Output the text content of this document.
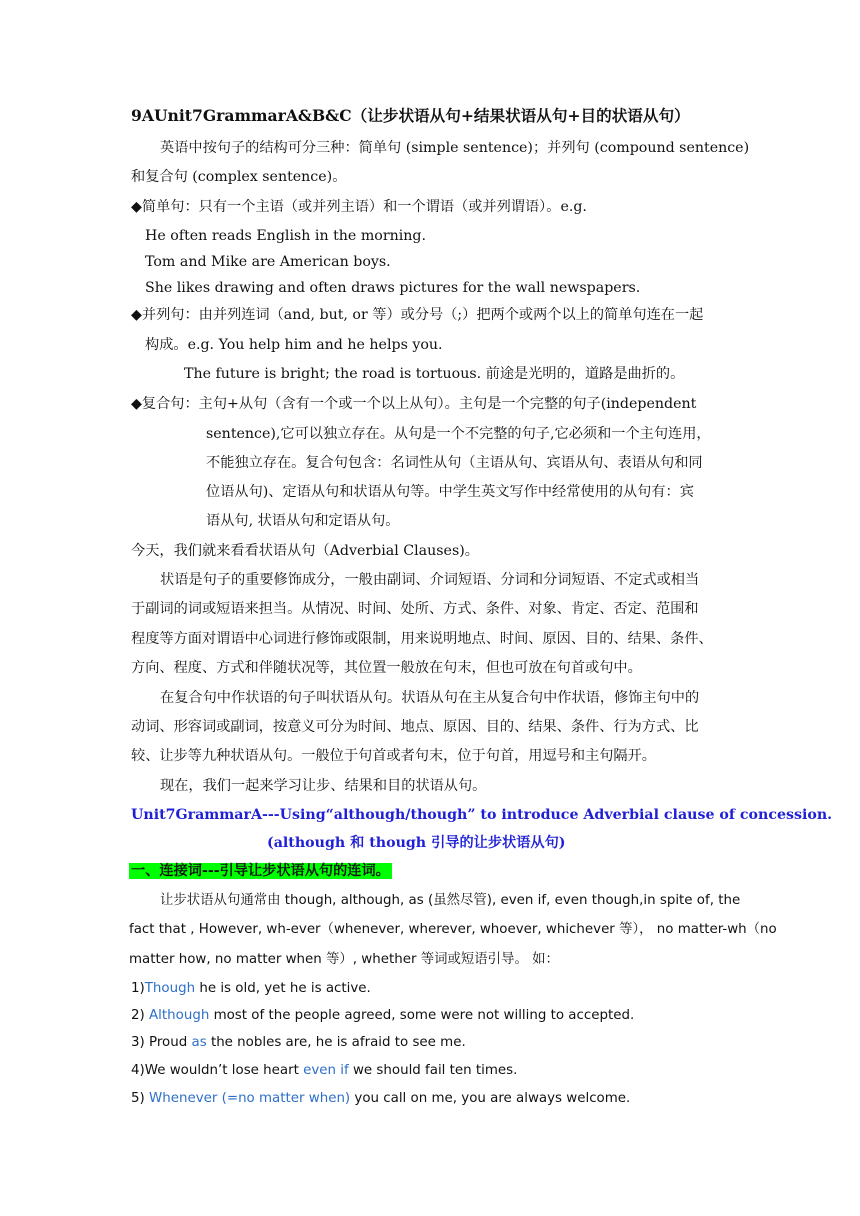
9AUnit7GrammarA&B&C（让步状语从句+结果状语从句+目的状语从句）
英语中按句子的结构可分三种：简单句 (simple sentence)；并列句 (compound sentence)
和复合句 (complex sentence)。
◆简单句：只有一个主语（或并列主语）和一个谓语（或并列谓语）。e.g.
He often reads English in the morning.
Tom and Mike are American boys.
She likes drawing and often draws pictures for the wall newspapers.
◆并列句：由并列连词（and, but, or 等）或分号（;）把两个或两个以上的简单句连在一起
构成。e.g. You help him and he helps you.
The future is bright; the road is tortuous. 前途是光明的，道路是曲折的。
◆复合句：主句+从句（含有一个或一个以上从句）。主句是一个完整的句子(independent
sentence),它可以独立存在。从句是一个不完整的句子,它必须和一个主句连用，
不能独立存在。复合句包含：名词性从句（主语从句、宾语从句、表语从句和同
位语从句)、定语从句和状语从句等。中学生英文写作中经常使用的从句有：宾
语从句, 状语从句和定语从句。
今天，我们就来看看状语从句（Adverbial Clauses)。
状语是句子的重要修饰成分，一般由副词、介词短语、分词和分词短语、不定式或相当
于副词的词或短语来担当。从情况、时间、处所、方式、条件、对象、肯定、否定、范围和
程度等方面对谓语中心词进行修饰或限制，用来说明地点、时间、原因、目的、结果、条件、
方向、程度、方式和伴随状况等，其位置一般放在句末，但也可放在句首或句中。
在复合句中作状语的句子叫状语从句。状语从句在主从复合句中作状语，修饰主句中的
动词、形容词或副词，按意义可分为时间、地点、原因、目的、结果、条件、行为方式、比
较、让步等九种状语从句。一般位于句首或者句末，位于句首，用逗号和主句隔开。
现在，我们一起来学习让步、结果和目的状语从句。
Unit7GrammarA---Using“although/though” to introduce Adverbial clause of concession.
(although 和 though 引导的让步状语从句)
一、连接词---引导让步状语从句的连词。
让步状语从句通常由 though, although, as (虽然尽管), even if, even though,in spite of, the
fact that , However, wh-ever（whenever, wherever, whoever, whichever 等）， no matter-wh（no
matter how, no matter when 等）, whether 等词或短语引导。 如：
1)Though he is old, yet he is active.
2) Although most of the people agreed, some were not willing to accepted.
3) Proud as the nobles are, he is afraid to see me.
4)We wouldn’t lose heart even if we should fail ten times.
5) Whenever (=no matter when) you call on me, you are always welcome.
